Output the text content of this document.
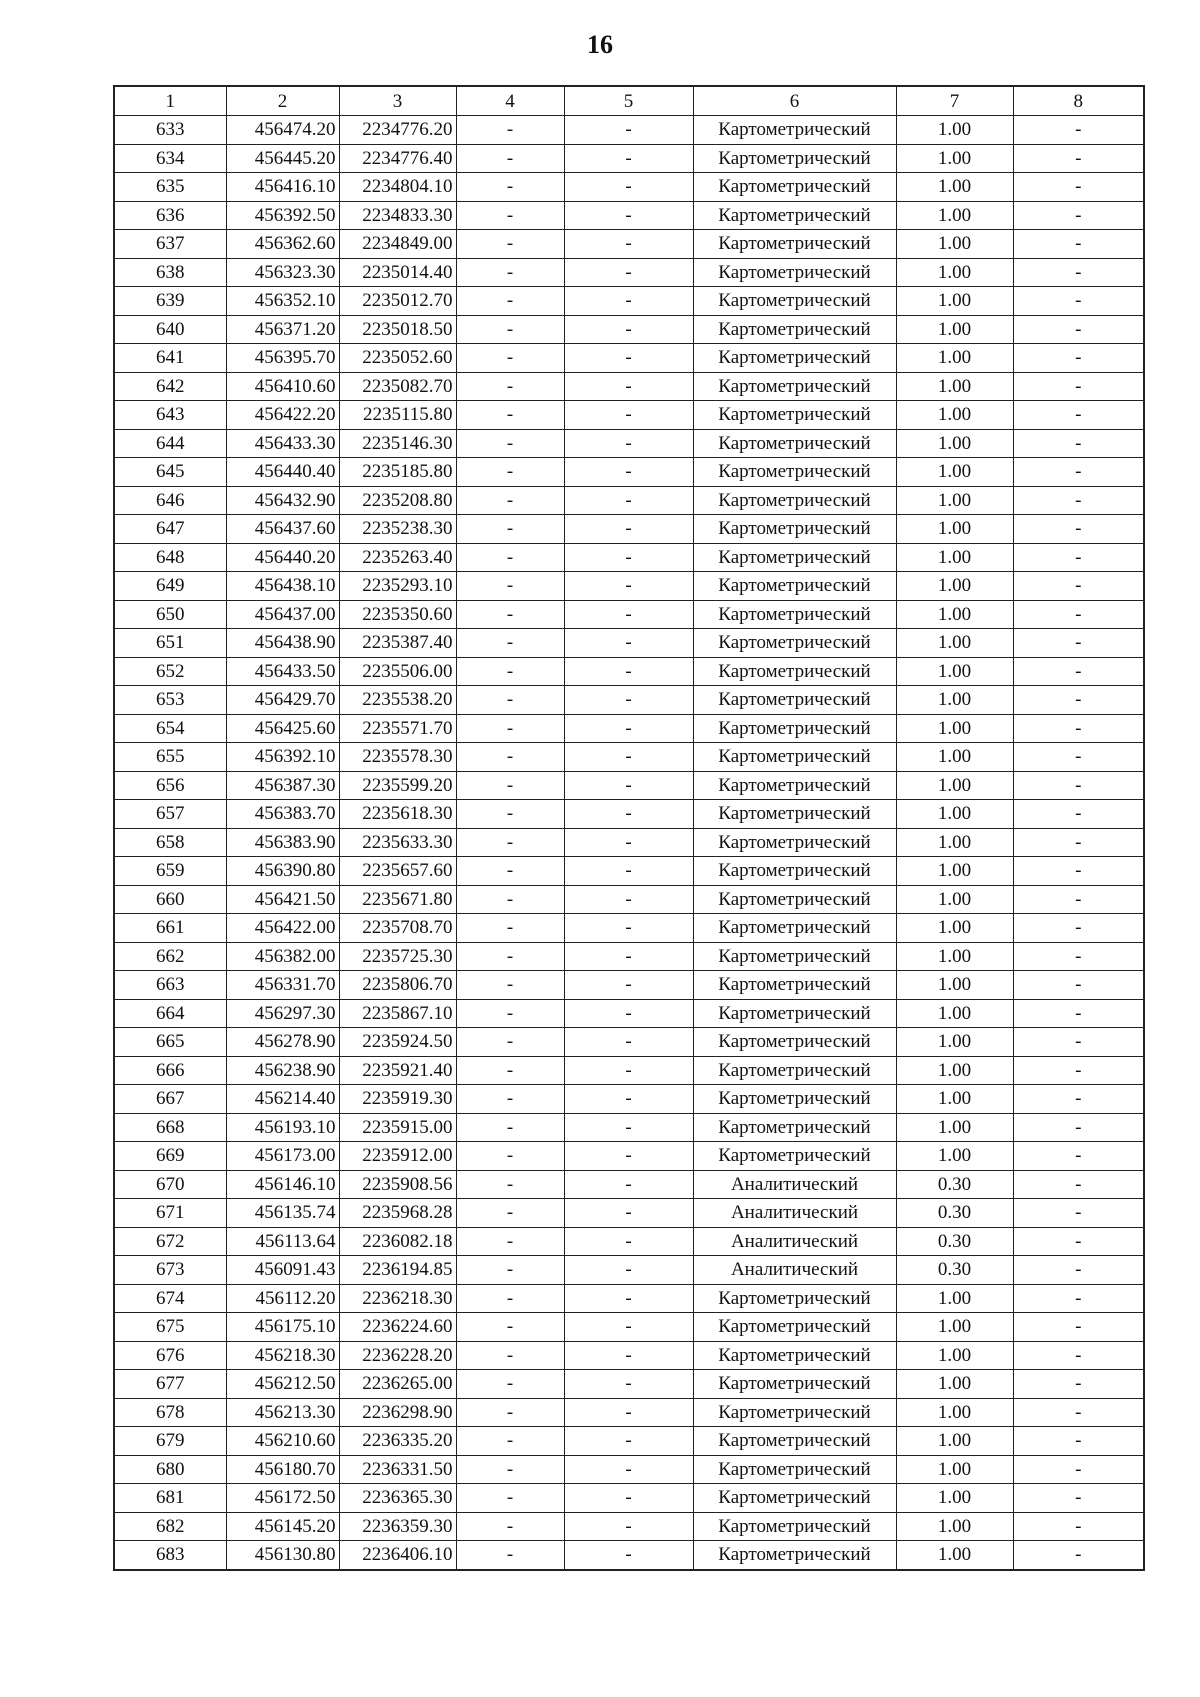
16
1	2	3	4	5	6	7	8
633	456474.20	2234776.20	-	-	Картометрический	1.00	-
634	456445.20	2234776.40	-	-	Картометрический	1.00	-
635	456416.10	2234804.10	-	-	Картометрический	1.00	-
636	456392.50	2234833.30	-	-	Картометрический	1.00	-
637	456362.60	2234849.00	-	-	Картометрический	1.00	-
638	456323.30	2235014.40	-	-	Картометрический	1.00	-
639	456352.10	2235012.70	-	-	Картометрический	1.00	-
640	456371.20	2235018.50	-	-	Картометрический	1.00	-
641	456395.70	2235052.60	-	-	Картометрический	1.00	-
642	456410.60	2235082.70	-	-	Картометрический	1.00	-
643	456422.20	2235115.80	-	-	Картометрический	1.00	-
644	456433.30	2235146.30	-	-	Картометрический	1.00	-
645	456440.40	2235185.80	-	-	Картометрический	1.00	-
646	456432.90	2235208.80	-	-	Картометрический	1.00	-
647	456437.60	2235238.30	-	-	Картометрический	1.00	-
648	456440.20	2235263.40	-	-	Картометрический	1.00	-
649	456438.10	2235293.10	-	-	Картометрический	1.00	-
650	456437.00	2235350.60	-	-	Картометрический	1.00	-
651	456438.90	2235387.40	-	-	Картометрический	1.00	-
652	456433.50	2235506.00	-	-	Картометрический	1.00	-
653	456429.70	2235538.20	-	-	Картометрический	1.00	-
654	456425.60	2235571.70	-	-	Картометрический	1.00	-
655	456392.10	2235578.30	-	-	Картометрический	1.00	-
656	456387.30	2235599.20	-	-	Картометрический	1.00	-
657	456383.70	2235618.30	-	-	Картометрический	1.00	-
658	456383.90	2235633.30	-	-	Картометрический	1.00	-
659	456390.80	2235657.60	-	-	Картометрический	1.00	-
660	456421.50	2235671.80	-	-	Картометрический	1.00	-
661	456422.00	2235708.70	-	-	Картометрический	1.00	-
662	456382.00	2235725.30	-	-	Картометрический	1.00	-
663	456331.70	2235806.70	-	-	Картометрический	1.00	-
664	456297.30	2235867.10	-	-	Картометрический	1.00	-
665	456278.90	2235924.50	-	-	Картометрический	1.00	-
666	456238.90	2235921.40	-	-	Картометрический	1.00	-
667	456214.40	2235919.30	-	-	Картометрический	1.00	-
668	456193.10	2235915.00	-	-	Картометрический	1.00	-
669	456173.00	2235912.00	-	-	Картометрический	1.00	-
670	456146.10	2235908.56	-	-	Аналитический	0.30	-
671	456135.74	2235968.28	-	-	Аналитический	0.30	-
672	456113.64	2236082.18	-	-	Аналитический	0.30	-
673	456091.43	2236194.85	-	-	Аналитический	0.30	-
674	456112.20	2236218.30	-	-	Картометрический	1.00	-
675	456175.10	2236224.60	-	-	Картометрический	1.00	-
676	456218.30	2236228.20	-	-	Картометрический	1.00	-
677	456212.50	2236265.00	-	-	Картометрический	1.00	-
678	456213.30	2236298.90	-	-	Картометрический	1.00	-
679	456210.60	2236335.20	-	-	Картометрический	1.00	-
680	456180.70	2236331.50	-	-	Картометрический	1.00	-
681	456172.50	2236365.30	-	-	Картометрический	1.00	-
682	456145.20	2236359.30	-	-	Картометрический	1.00	-
683	456130.80	2236406.10	-	-	Картометрический	1.00	-
